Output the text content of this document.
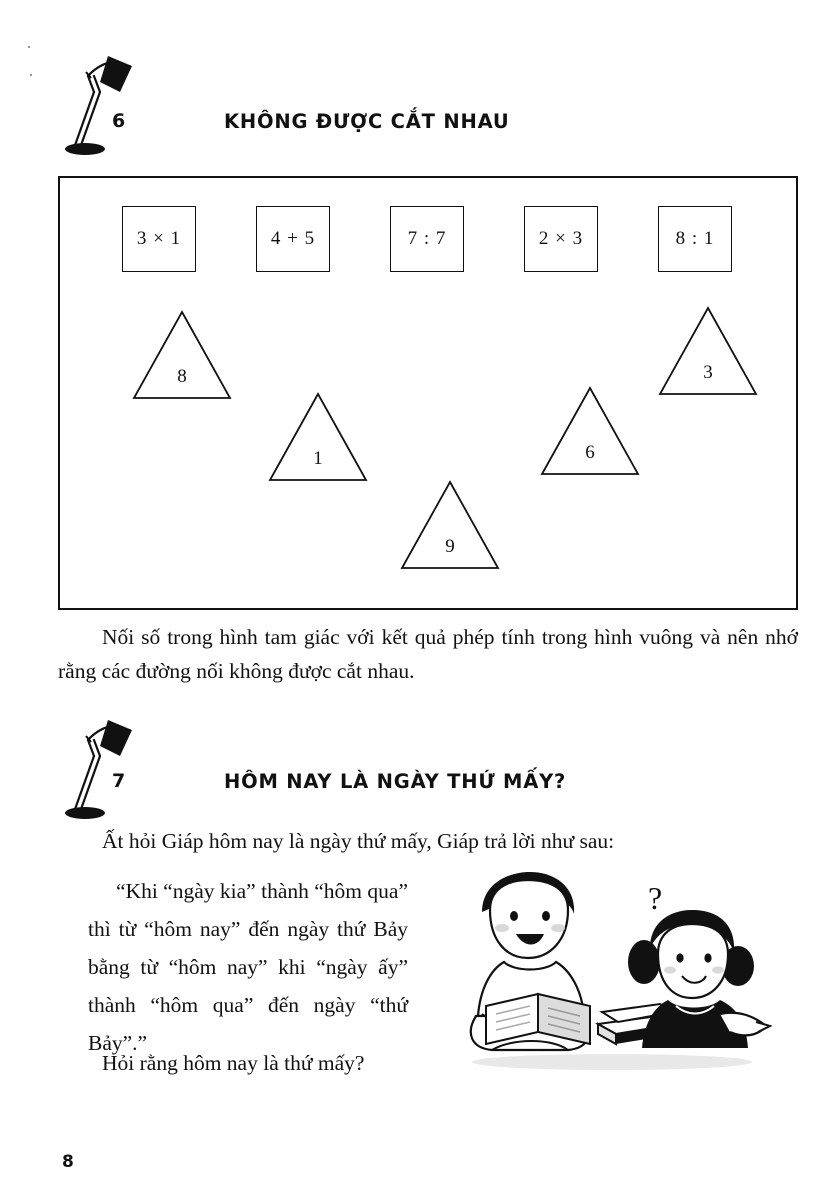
6	KHÔNG ĐƯỢC CẮT NHAU
3 × 1	4 + 5	7 : 7	2 × 3	8 : 1
8
1
9
6
3
Nối số trong hình tam giác với kết quả phép tính trong hình vuông và nên nhớ rằng các đường nối không được cắt nhau.
7	HÔM NAY LÀ NGÀY THỨ MẤY?
Ất hỏi Giáp hôm nay là ngày thứ mấy, Giáp trả lời như sau:
“Khi “ngày kia” thành “hôm qua” thì từ “hôm nay” đến ngày thứ Bảy bằng từ “hôm nay” khi “ngày ấy” thành “hôm qua” đến ngày “thứ Bảy”.”
Hỏi rằng hôm nay là thứ mấy?
?
8
